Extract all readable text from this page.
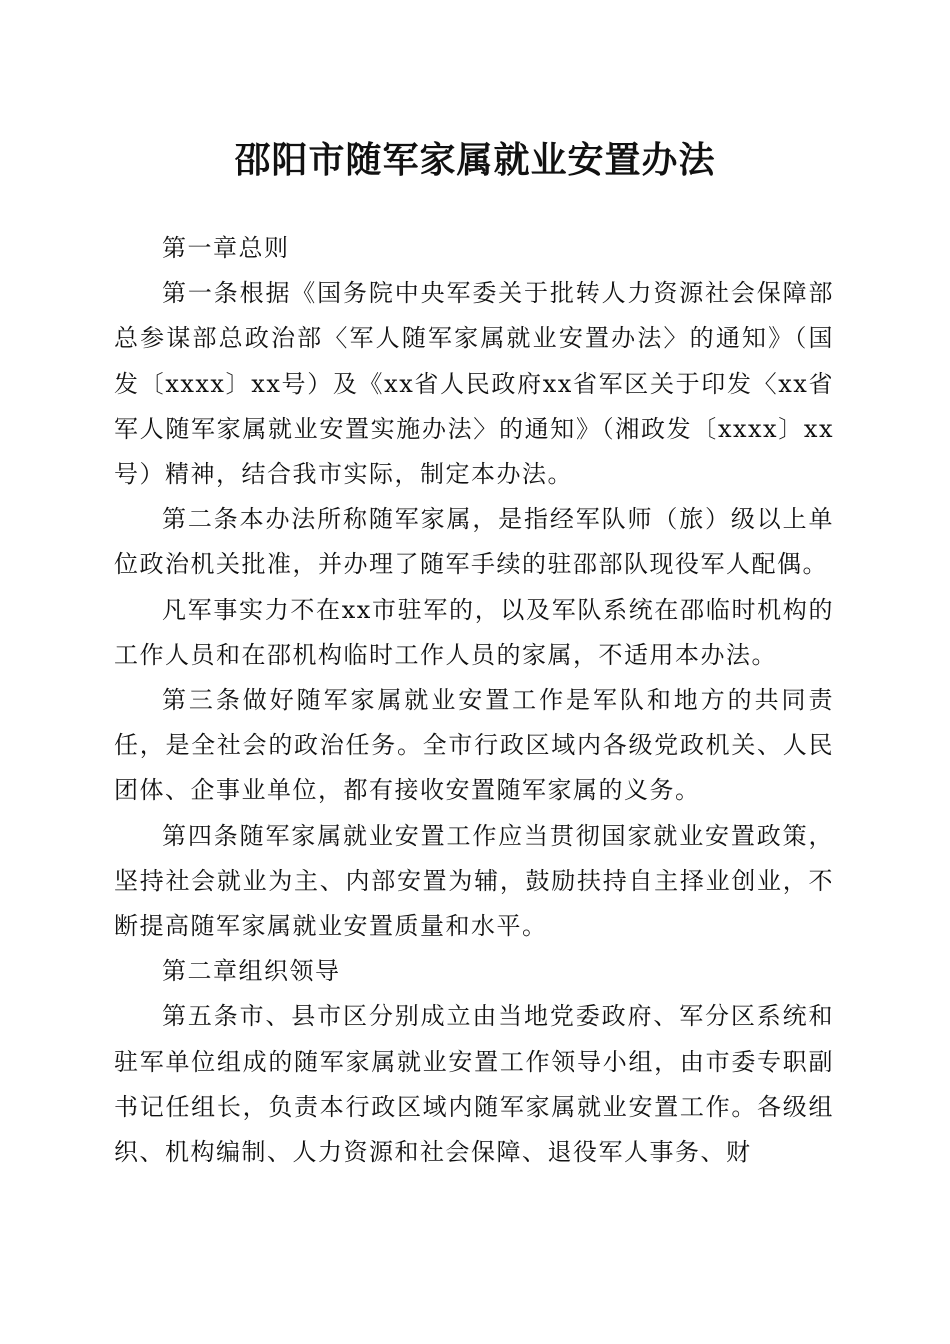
邵阳市随军家属就业安置办法

第一章总则

第一条根据《国务院中央军委关于批转人力资源社会保障部总参谋部总政治部〈军人随军家属就业安置办法〉的通知》（国发〔xxxx〕xx号）及《xx省人民政府xx省军区关于印发〈xx省军人随军家属就业安置实施办法〉的通知》（湘政发〔xxxx〕xx号）精神，结合我市实际，制定本办法。

第二条本办法所称随军家属，是指经军队师（旅）级以上单位政治机关批准，并办理了随军手续的驻邵部队现役军人配偶。

凡军事实力不在xx市驻军的，以及军队系统在邵临时机构的工作人员和在邵机构临时工作人员的家属，不适用本办法。

第三条做好随军家属就业安置工作是军队和地方的共同责任，是全社会的政治任务。全市行政区域内各级党政机关、人民团体、企事业单位，都有接收安置随军家属的义务。

第四条随军家属就业安置工作应当贯彻国家就业安置政策，坚持社会就业为主、内部安置为辅，鼓励扶持自主择业创业，不断提高随军家属就业安置质量和水平。

第二章组织领导

第五条市、县市区分别成立由当地党委政府、军分区系统和驻军单位组成的随军家属就业安置工作领导小组，由市委专职副书记任组长，负责本行政区域内随军家属就业安置工作。各级组织、机构编制、人力资源和社会保障、退役军人事务、财
